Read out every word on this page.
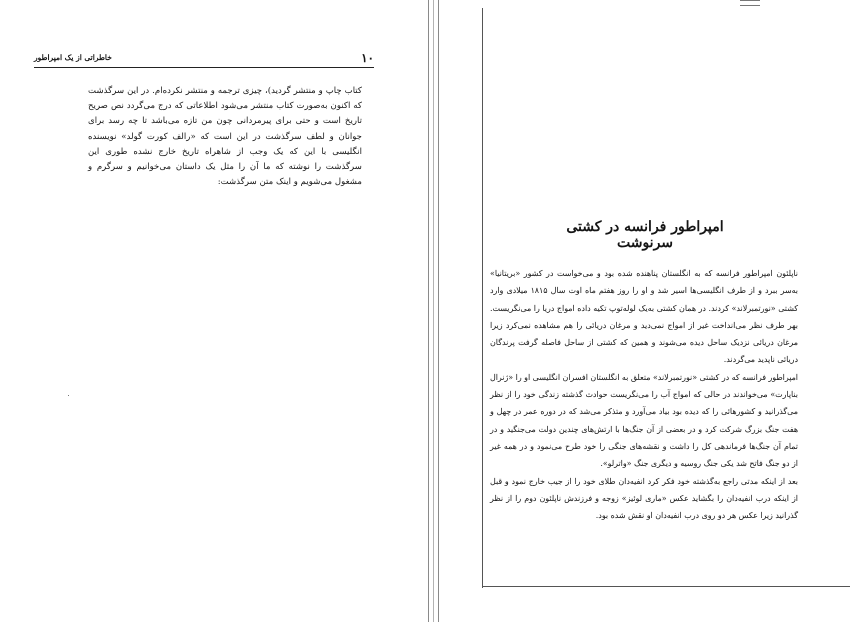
۱۰
خاطراتی از یک امپراطور

کتاب چاپ و منتشر گردید)، چیزی ترجمه و منتشر نکرده‌ام. در این سرگذشت که اکنون به‌صورت کتاب منتشر می‌شود اطلاعاتی که درج می‌گردد نص صریح تاریخ است و حتی برای پیرمردانی چون من تازه می‌باشد تا چه رسد برای جوانان و لطف سرگذشت در این است که «رالف کورت گولد» نویسنده انگلیسی با این که یک وجب از شاهراه تاریخ خارج نشده طوری این سرگذشت را نوشته که ما آن را مثل یک داستان می‌خوانیم و سرگرم و مشغول می‌شویم و اینک متن سرگذشت:

امپراطور فرانسه در کشتی سرنوشت

ناپلئون امپراطور فرانسه که به انگلستان پناهنده شده بود و می‌خواست در کشور «بریتانیا» به‌سر ببرد و از طرف انگلیسی‌ها اسیر شد و او را روز هفتم ماه اوت سال ۱۸۱۵ میلادی وارد کشتی «نورتمبرلاند» کردند. در همان کشتی به‌یک لوله‌توپ تکیه داده امواج دریا را می‌نگریست. بهر طرف نظر می‌انداخت غیر از امواج نمی‌دید و مرغان دریائی را هم مشاهده نمی‌کرد زیرا مرغان دریائی نزدیک ساحل دیده می‌شوند و همین که کشتی از ساحل فاصله گرفت پرندگان دریائی ناپدید می‌گردند.

امپراطور فرانسه که در کشتی «نورتمبرلاند» متعلق به انگلستان افسران انگلیسی او را «ژنرال بناپارت» می‌خواندند در حالی که امواج آب را می‌نگریست حوادث گذشته زندگی خود را از نظر می‌گذرانید و کشورهائی را که دیده بود بیاد می‌آورد و متذکر می‌شد که در دوره عمر در چهل و هفت جنگ بزرگ شرکت کرد و در بعضی از آن جنگ‌ها با ارتش‌های چندین دولت می‌جنگید و در تمام آن جنگ‌ها فرماندهی کل را داشت و نقشه‌های جنگی را خود طرح می‌نمود و در همه غیر از دو جنگ فاتح شد یکی جنگ روسیه و دیگری جنگ «واترلو».

بعد از اینکه مدتی راجع به‌گذشته خود فکر کرد انفیه‌دان طلای خود را از جیب خارج نمود و قبل از اینکه درب انفیه‌دان را بگشاید عکس «ماری لوئیز» زوجه و فرزندش ناپلئون دوم را از نظر گذرانید زیرا عکس هر دو روی درب انفیه‌دان او نقش شده بود.
